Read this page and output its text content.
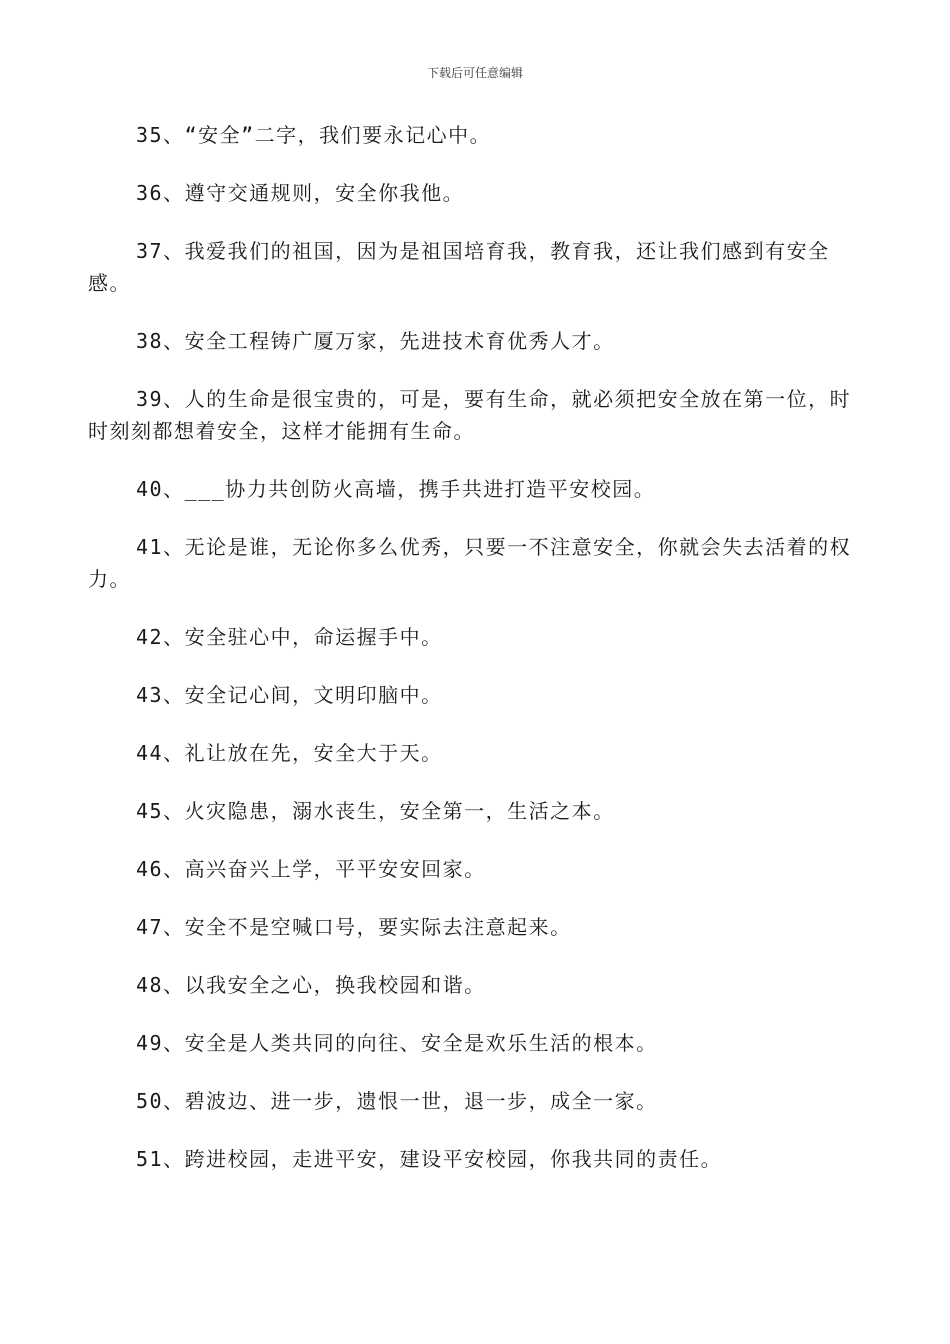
下载后可任意编辑

35、“安全”二字，我们要永记心中。

36、遵守交通规则，安全你我他。

37、我爱我们的祖国，因为是祖国培育我，教育我，还让我们感到有安全感。

38、安全工程铸广厦万家，先进技术育优秀人才。

39、人的生命是很宝贵的，可是，要有生命，就必须把安全放在第一位，时时刻刻都想着安全，这样才能拥有生命。

40、___协力共创防火高墙，携手共进打造平安校园。

41、无论是谁，无论你多么优秀，只要一不注意安全，你就会失去活着的权力。

42、安全驻心中，命运握手中。

43、安全记心间，文明印脑中。

44、礼让放在先，安全大于天。

45、火灾隐患，溺水丧生，安全第一，生活之本。

46、高兴奋兴上学，平平安安回家。

47、安全不是空喊口号，要实际去注意起来。

48、以我安全之心，换我校园和谐。

49、安全是人类共同的向往、安全是欢乐生活的根本。

50、碧波边、进一步，遗恨一世，退一步，成全一家。

51、跨进校园，走进平安，建设平安校园，你我共同的责任。
